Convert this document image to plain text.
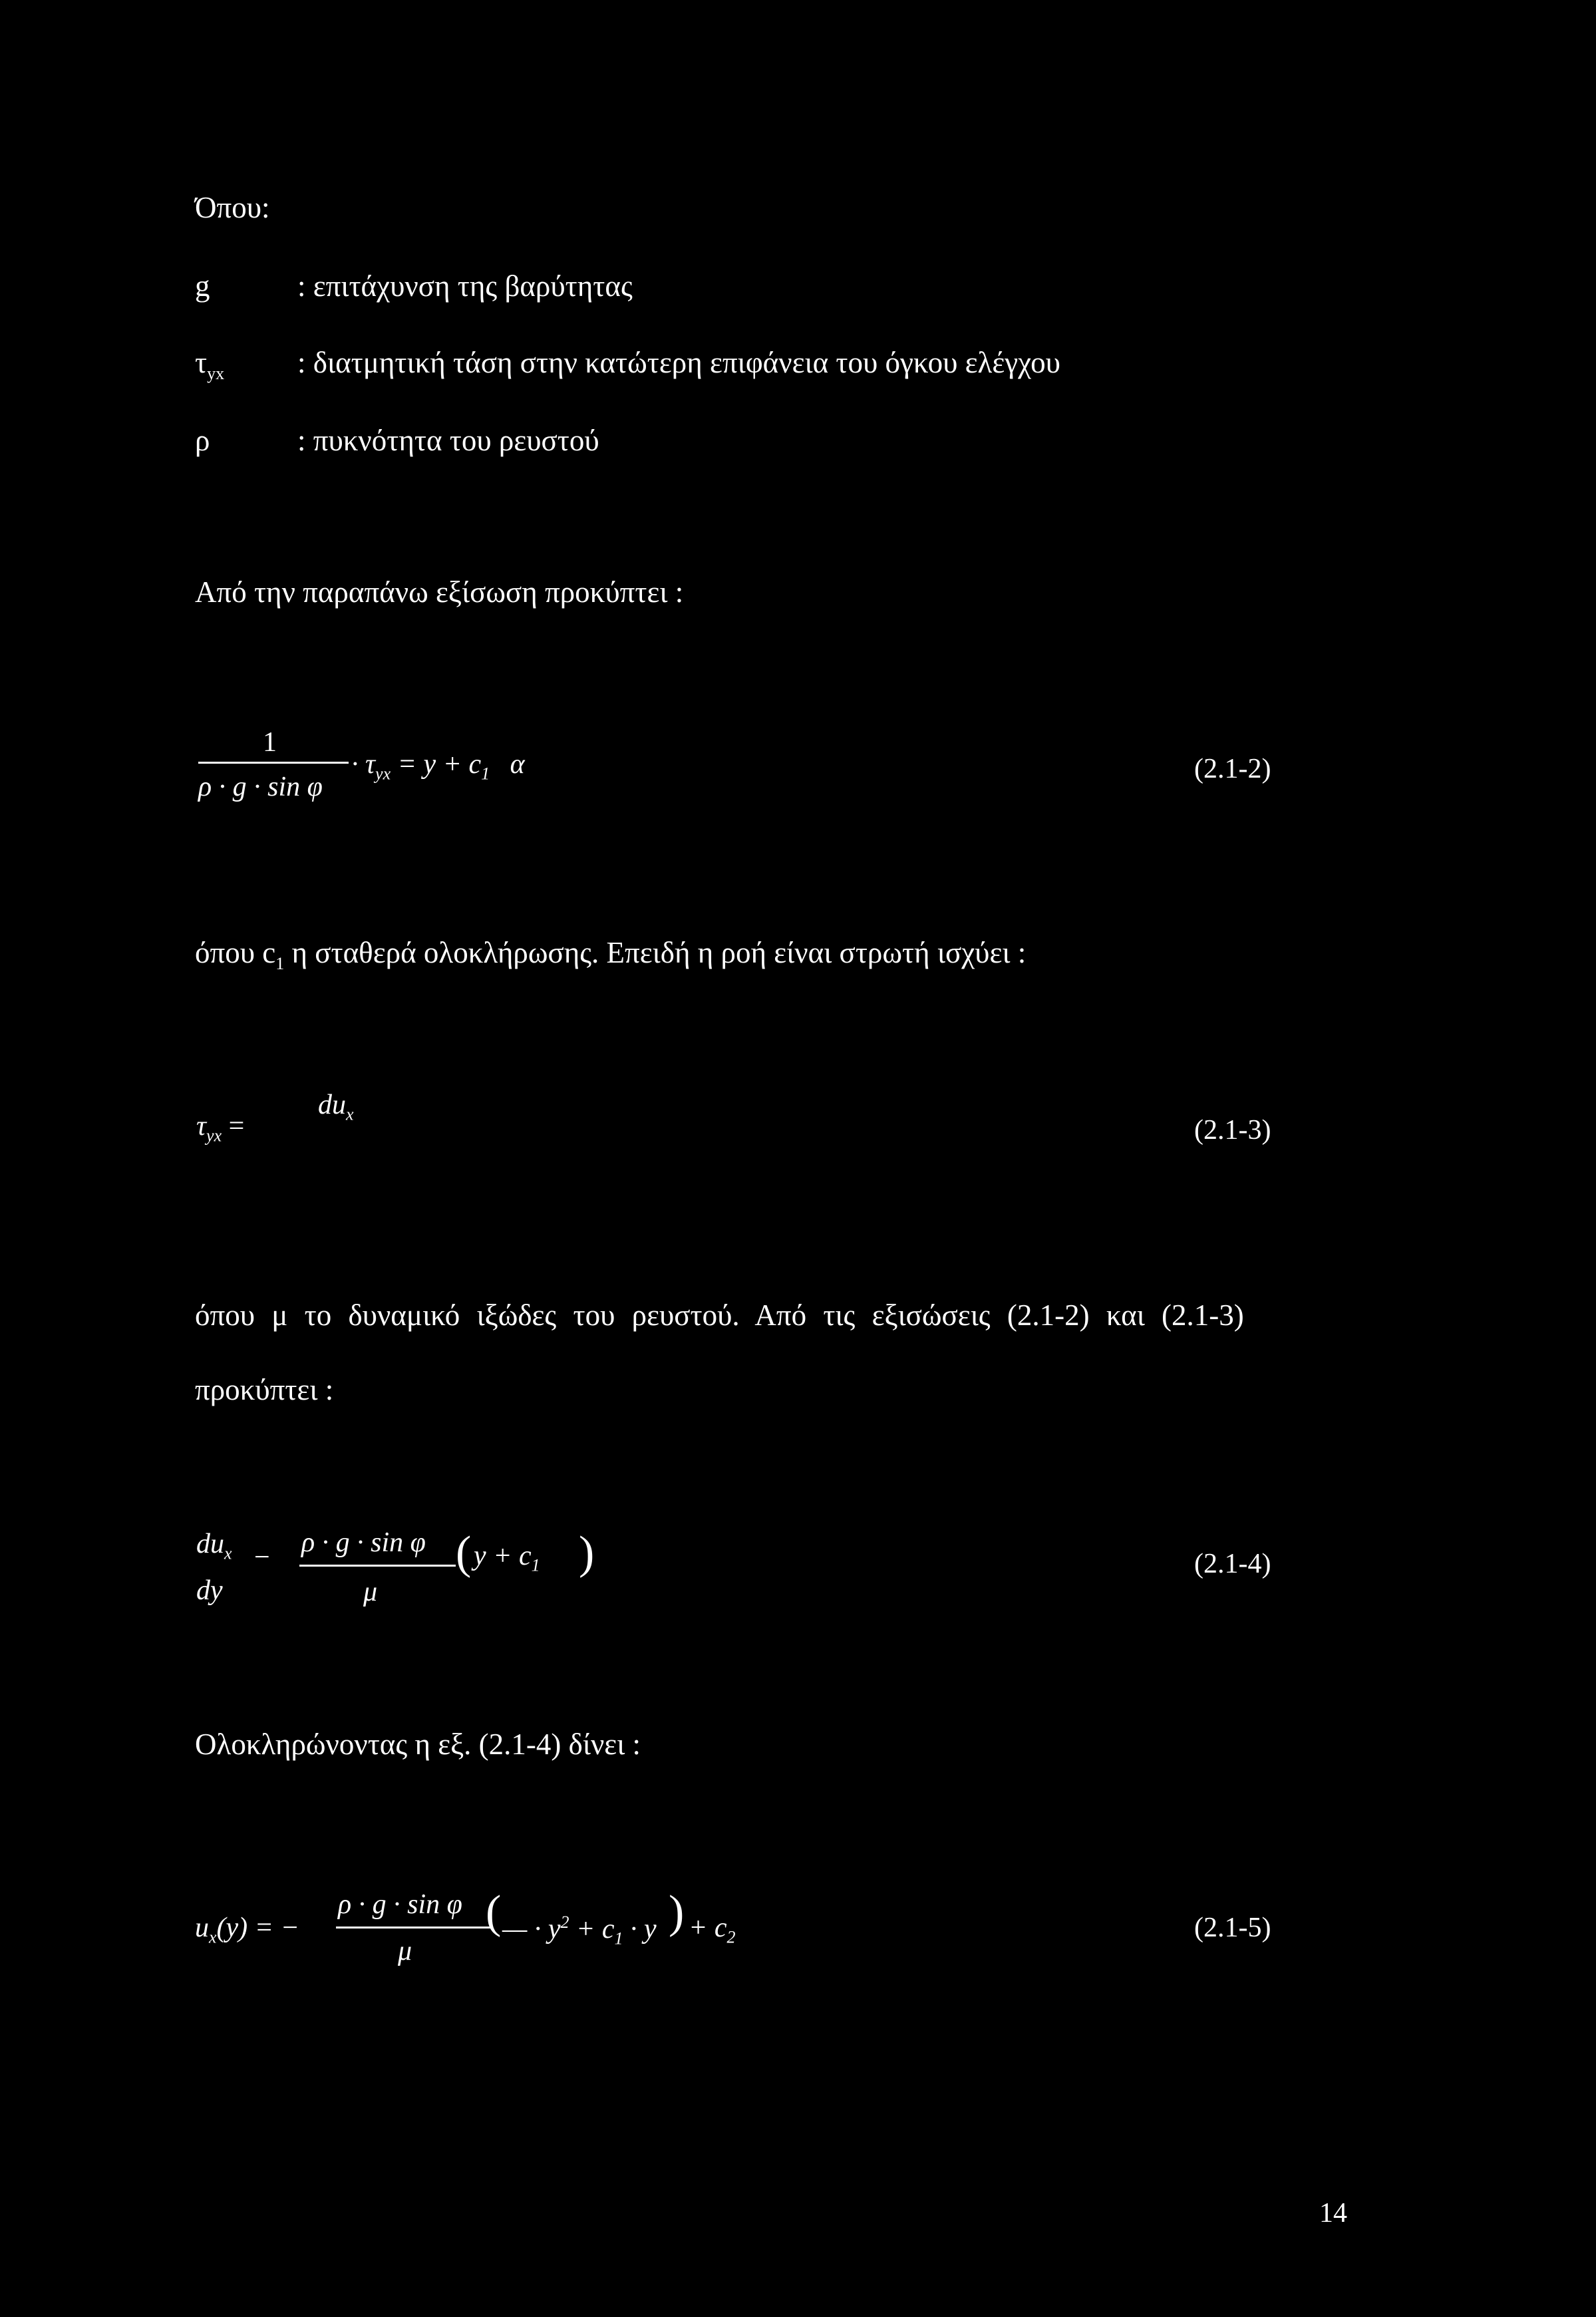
Όπου:
g	: επιτάχυνση της βαρύτητας
$\tau_{yx}$ : διατμητική τάση στην κατώτερη επιφάνεια του όγκου ελέγχου
ρ	: πυκνότητα του ρευστού
Από την παραπάνω εξίσωση προκύπτει :
1
ρ · g · sin φ
· $\tau_{yx} = y + c_1$ α	(2.1-2)
όπου $c_1$ η σταθερά ολοκλήρωσης. Επειδή η ροή είναι στρωτή ισχύει :
$\tau_{yx}$ =
$du_x$
(2.1-3)
όπου μ το δυναμικό ιξώδες του ρευστού. Από τις εξισώσεις (2.1-2) και (2.1-3)
προκύπτει :
$du_x$ −
dy
ρ · g · sin φ
μ
( $y + c_1$ )	(2.1-4)
Ολοκληρώνοντας η εξ. (2.1-4) δίνει :
$u_x(y)$ = −
ρ · g · sin φ
μ
( — · $y^2 + c_1 \cdot y$ ) + $c_2$	(2.1-5)
14
